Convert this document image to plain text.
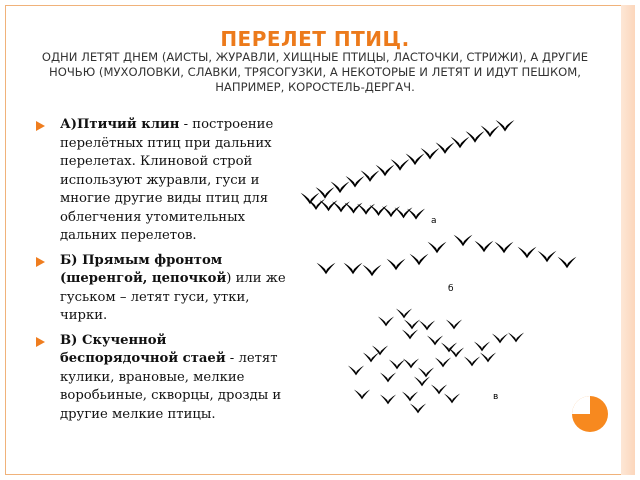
ПЕРЕЛЕТ ПТИЦ.

ОДНИ ЛЕТЯТ ДНЕМ (АИСТЫ, ЖУРАВЛИ, ХИЩНЫЕ ПТИЦЫ, ЛАСТОЧКИ, СТРИЖИ), А ДРУГИЕ НОЧЬЮ (МУХОЛОВКИ, СЛАВКИ, ТРЯСОГУЗКИ, А НЕКОТОРЫЕ И ЛЕТЯТ И ИДУТ ПЕШКОМ, НАПРИМЕР, КОРОСТЕЛЬ-ДЕРГАЧ.

А)Птичий клин - построение перелётных птиц при дальних перелетах. Клиновой строй используют журавли, гуси и многие другие виды птиц для облегчения утомительных дальних перелетов.
Б) Прямым фронтом (шеренгой, цепочкой) или же гуськом – летят гуси, утки, чирки.
В) Скученной беспорядочной стаей - летят кулики, врановые, мелкие воробьиные, скворцы, дрозды и другие мелкие птицы.
а
б
в
